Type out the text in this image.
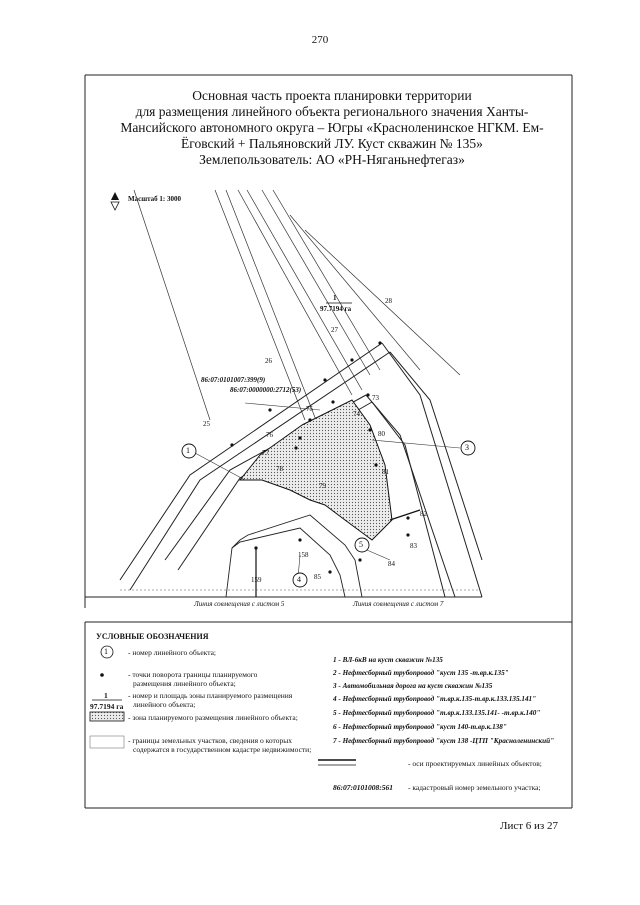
270
Основная часть проекта планировки территории
для размещения линейного объекта регионального значения Ханты-
Мансийского автономного округа – Югры «Красноленинское НГКМ. Ем-
Ёговский + Пальяновский ЛУ. Куст скважин № 135»
Землепользователь: АО «РН-Няганьнефтегаз»
Масштаб 1: 3000
1
97.7194 га
86:07:0101007:399(9)
86:07:0000000:2712(53)
28
27
26
25
73
74
75
76
77
78
79
80
81
82
83
84
85
158
159
1	3
4
5
Линия совмещения с листом 5	Линия совмещения с листом 7
УСЛОВНЫЕ ОБОЗНАЧЕНИЯ
1	- номер линейного объекта;
- точки поворота границы планируемого
размещения линейного объекта;
1
97.7194 га
- номер и площадь зоны планируемого размещения
линейного объекта;
- зона планируемого размещения линейного объекта;
- границы земельных участков, сведения о которых
содержатся в государственном кадастре недвижимости;
1 - ВЛ-6кВ на куст скважин №135
2 - Нефтесборный трубопровод "куст 135 -т.вр.к.135"
3 - Автомобильная дорога на куст скважин №135
4 - Нефтесборный трубопровод "т.вр.к.135-т.вр.к.133.135.141"
5 - Нефтесборный трубопровод "т.вр.к.133.135.141- -т.вр.к.140"
6 - Нефтесборный трубопровод "куст 140-т.вр.к.138"
7 - Нефтесборный трубопровод "куст 138 -ЦТП "Красноленинский"
- оси проектируемых линейных объектов;
86:07:0101008:561 - кадастровый номер земельного участка;
Лист 6 из 27
